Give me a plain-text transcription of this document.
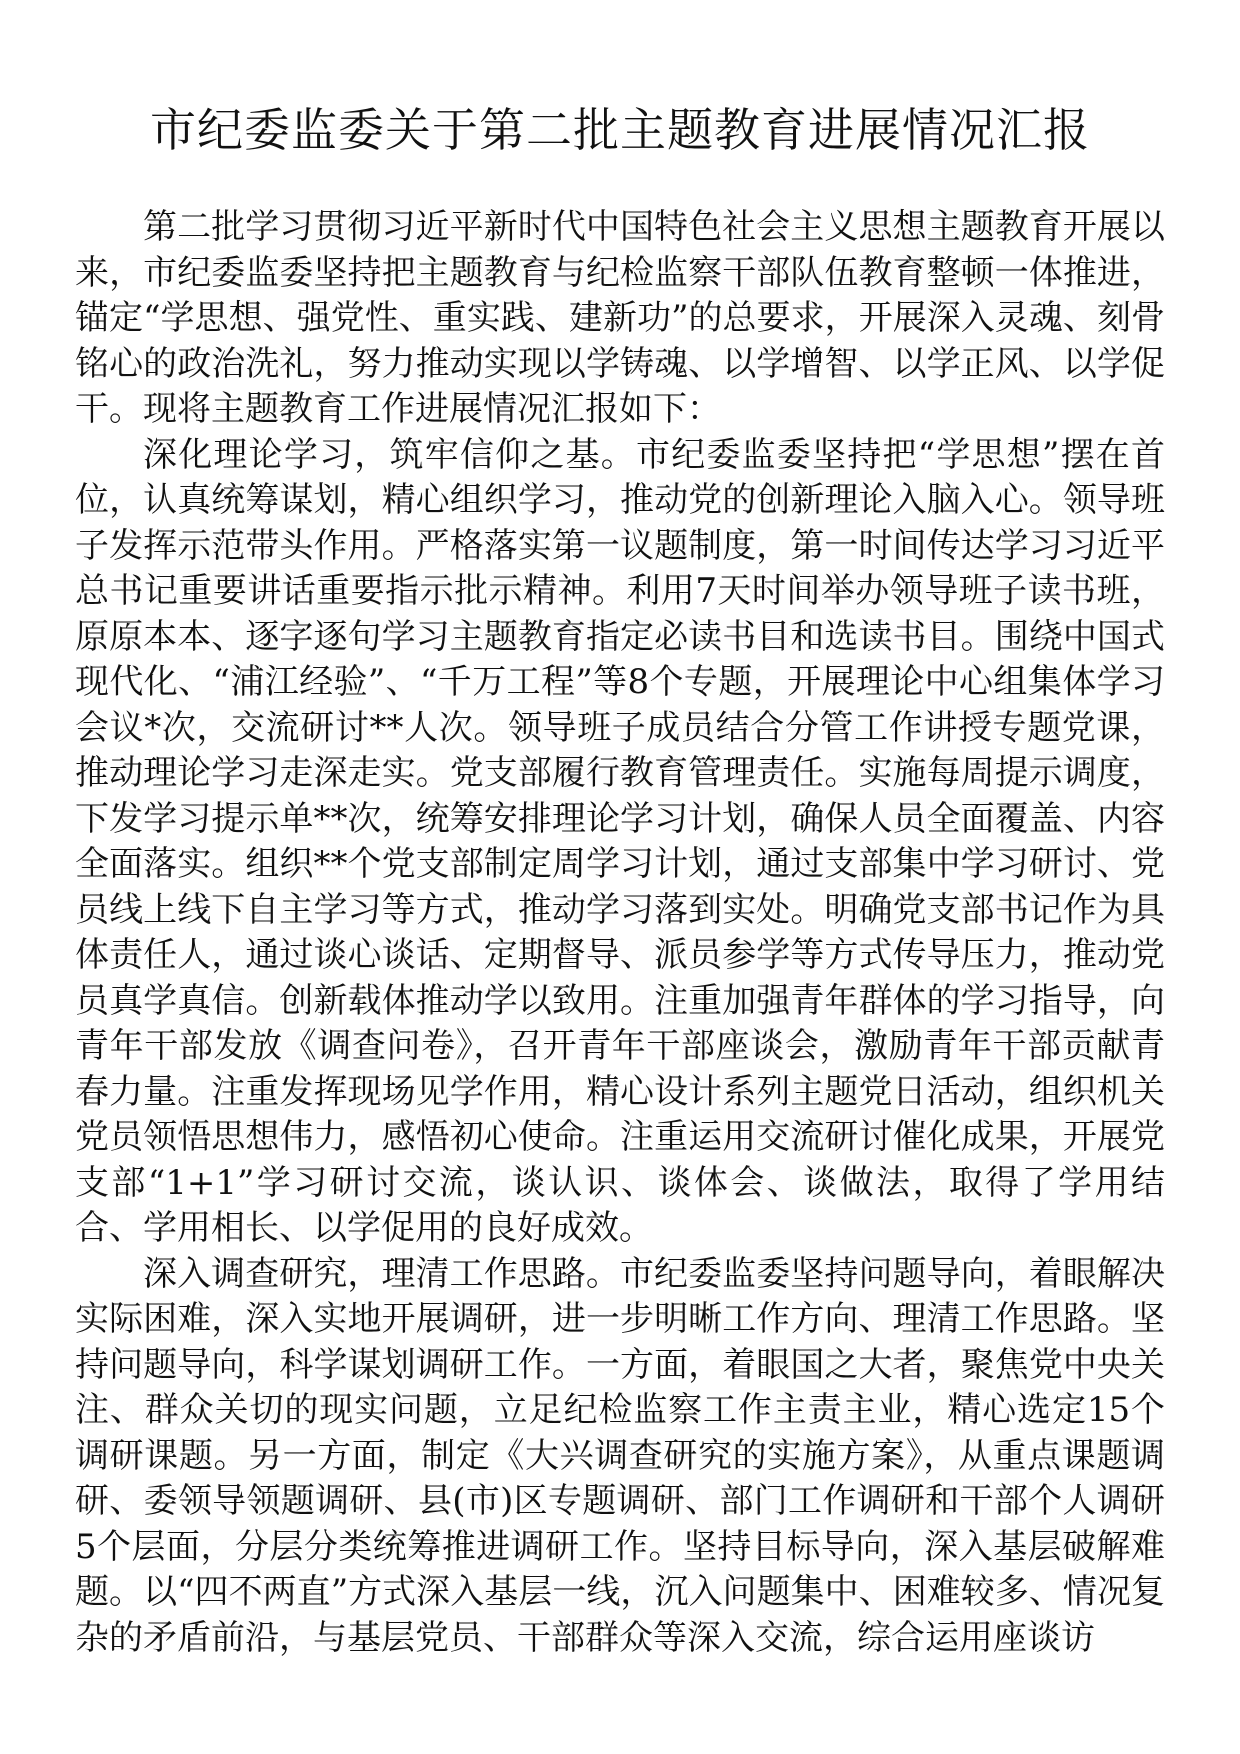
市纪委监委关于第二批主题教育进展情况汇报

第二批学习贯彻习近平新时代中国特色社会主义思想主题教育开展以来，市纪委监委坚持把主题教育与纪检监察干部队伍教育整顿一体推进，锚定“学思想、强党性、重实践、建新功”的总要求，开展深入灵魂、刻骨铭心的政治洗礼，努力推动实现以学铸魂、以学增智、以学正风、以学促干。现将主题教育工作进展情况汇报如下：

深化理论学习，筑牢信仰之基。市纪委监委坚持把“学思想”摆在首位，认真统筹谋划，精心组织学习，推动党的创新理论入脑入心。领导班子发挥示范带头作用。严格落实第一议题制度，第一时间传达学习习近平总书记重要讲话重要指示批示精神。利用7天时间举办领导班子读书班，原原本本、逐字逐句学习主题教育指定必读书目和选读书目。围绕中国式现代化、“浦江经验”、“千万工程”等8个专题，开展理论中心组集体学习会议*次，交流研讨**人次。领导班子成员结合分管工作讲授专题党课，推动理论学习走深走实。党支部履行教育管理责任。实施每周提示调度，下发学习提示单**次，统筹安排理论学习计划，确保人员全面覆盖、内容全面落实。组织**个党支部制定周学习计划，通过支部集中学习研讨、党员线上线下自主学习等方式，推动学习落到实处。明确党支部书记作为具体责任人，通过谈心谈话、定期督导、派员参学等方式传导压力，推动党员真学真信。创新载体推动学以致用。注重加强青年群体的学习指导，向青年干部发放《调查问卷》，召开青年干部座谈会，激励青年干部贡献青春力量。注重发挥现场见学作用，精心设计系列主题党日活动，组织机关党员领悟思想伟力，感悟初心使命。注重运用交流研讨催化成果，开展党支部“1+1”学习研讨交流，谈认识、谈体会、谈做法，取得了学用结合、学用相长、以学促用的良好成效。

深入调查研究，理清工作思路。市纪委监委坚持问题导向，着眼解决实际困难，深入实地开展调研，进一步明晰工作方向、理清工作思路。坚持问题导向，科学谋划调研工作。一方面，着眼国之大者，聚焦党中央关注、群众关切的现实问题，立足纪检监察工作主责主业，精心选定15个调研课题。另一方面，制定《大兴调查研究的实施方案》，从重点课题调研、委领导领题调研、县(市)区专题调研、部门工作调研和干部个人调研5个层面，分层分类统筹推进调研工作。坚持目标导向，深入基层破解难题。以“四不两直”方式深入基层一线，沉入问题集中、困难较多、情况复杂的矛盾前沿，与基层党员、干部群众等深入交流，综合运用座谈访
